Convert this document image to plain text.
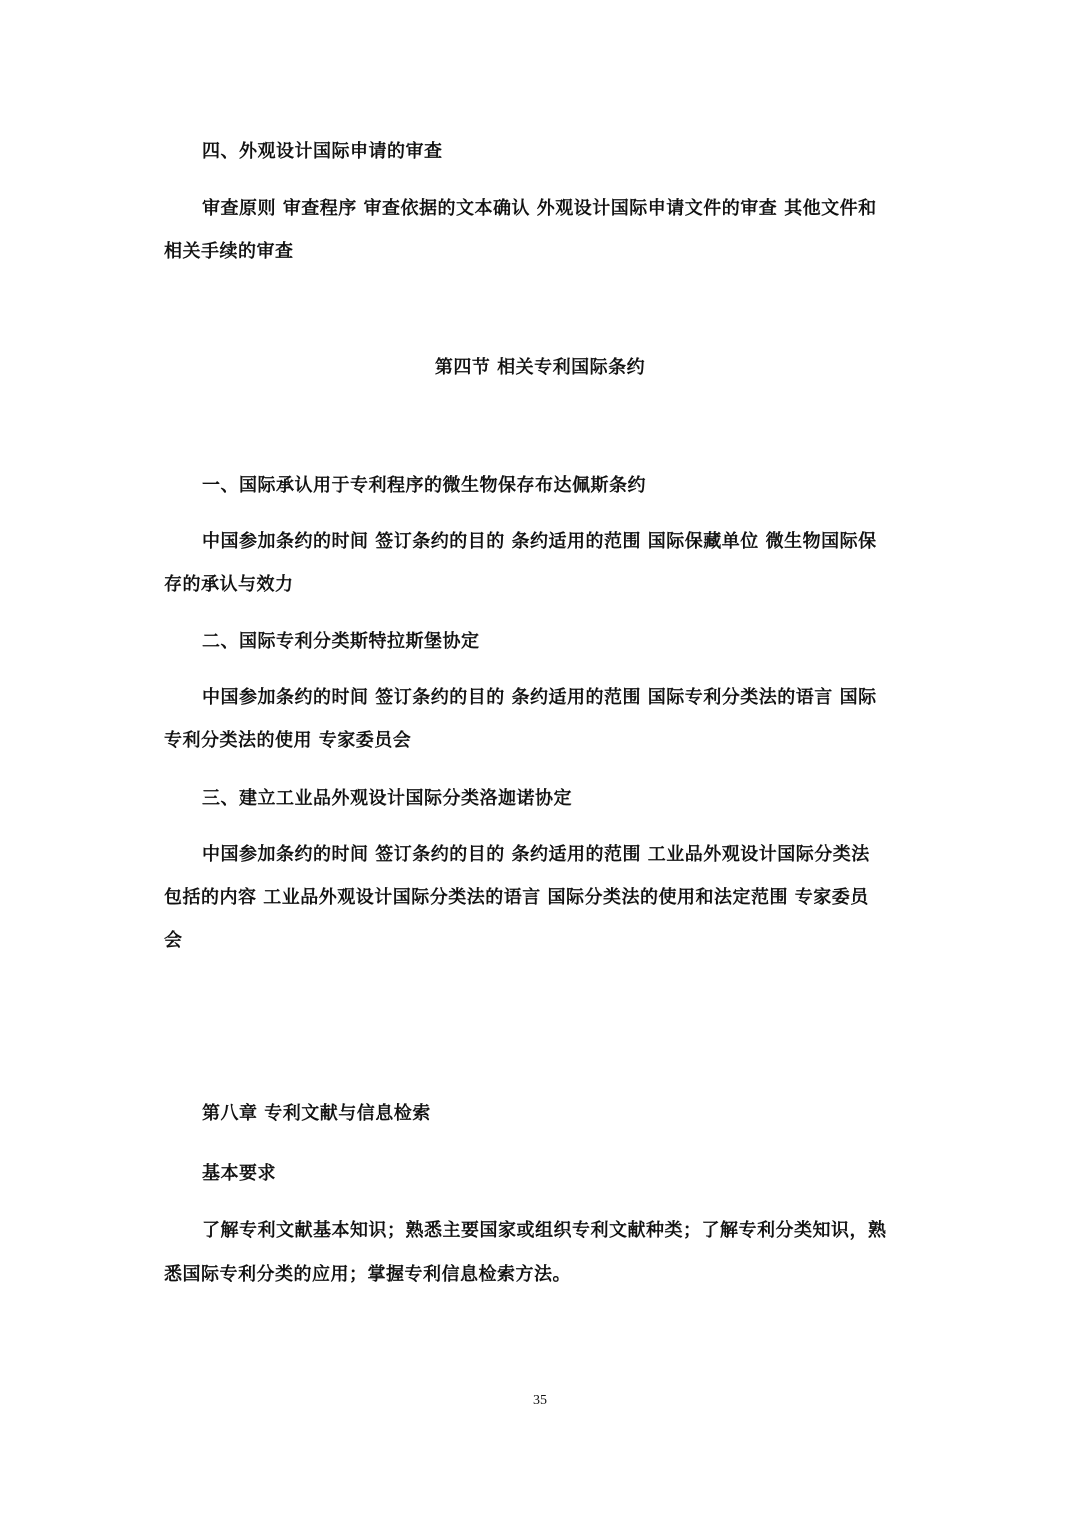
四、外观设计国际申请的审查
审查原则 审查程序 审查依据的文本确认 外观设计国际申请文件的审查 其他文件和
相关手续的审查
第四节 相关专利国际条约
一、国际承认用于专利程序的微生物保存布达佩斯条约
中国参加条约的时间 签订条约的目的 条约适用的范围 国际保藏单位 微生物国际保
存的承认与效力
二、国际专利分类斯特拉斯堡协定
中国参加条约的时间 签订条约的目的 条约适用的范围 国际专利分类法的语言 国际
专利分类法的使用 专家委员会
三、建立工业品外观设计国际分类洛迦诺协定
中国参加条约的时间 签订条约的目的 条约适用的范围 工业品外观设计国际分类法
包括的内容 工业品外观设计国际分类法的语言 国际分类法的使用和法定范围 专家委员
会
第八章 专利文献与信息检索
基本要求
了解专利文献基本知识；熟悉主要国家或组织专利文献种类；了解专利分类知识，熟
悉国际专利分类的应用；掌握专利信息检索方法。
35
